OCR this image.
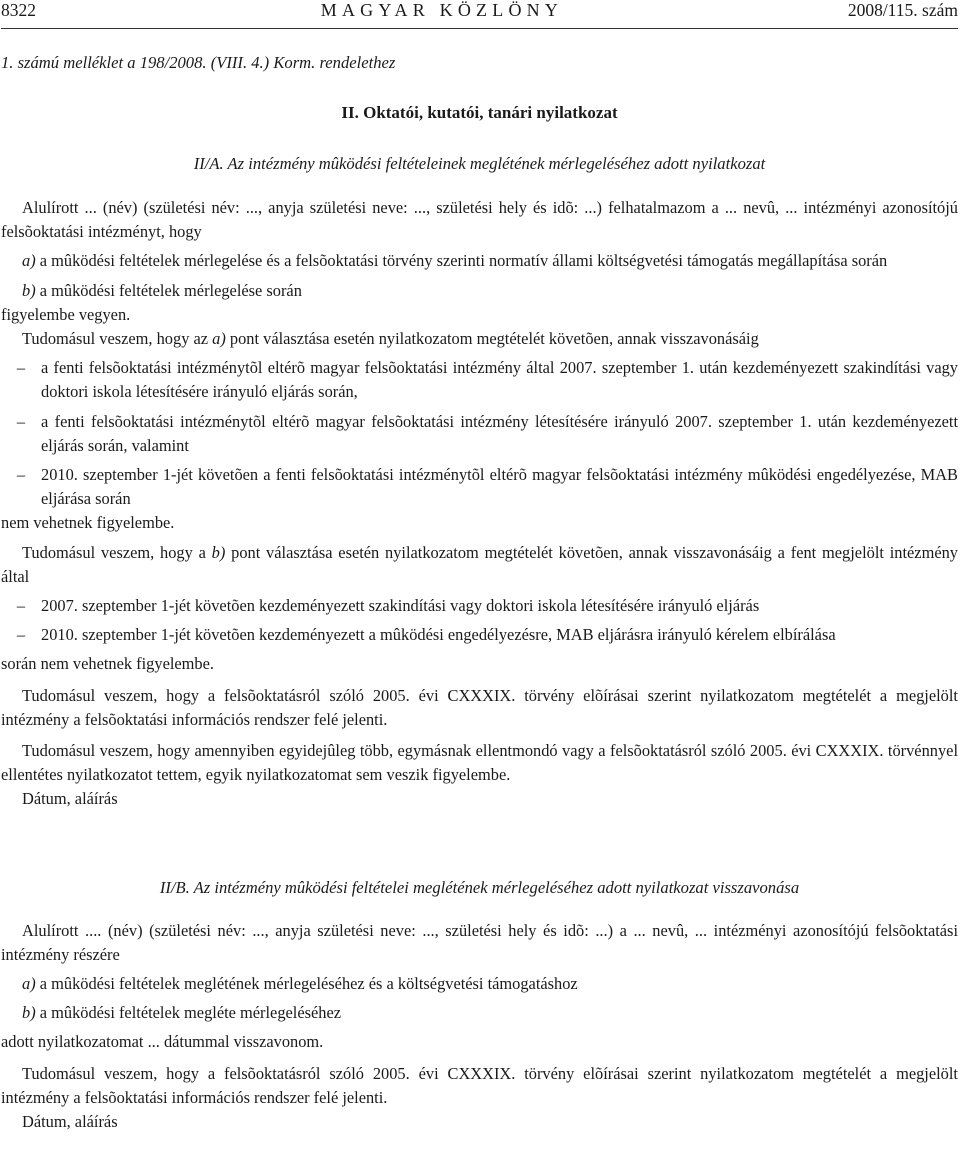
8322	MAGYAR KÖZLÖNY	2008/115. szám
1. számú melléklet a 198/2008. (VIII. 4.) Korm. rendelethez
II. Oktatói, kutatói, tanári nyilatkozat
II/A. Az intézmény mûködési feltételeinek meglétének mérlegeléséhez adott nyilatkozat

Alulírott ... (név) (születési név: ..., anyja születési neve: ..., születési hely és idõ: ...) felhatalmazom a ... nevû, ... intézményi azonosítójú felsõoktatási intézményt, hogy

a) a mûködési feltételek mérlegelése és a felsõoktatási törvény szerinti normatív állami költségvetési támogatás megállapítása során

b) a mûködési feltételek mérlegelése során

figyelembe vegyen.

Tudomásul veszem, hogy az a) pont választása esetén nyilatkozatom megtételét követõen, annak visszavonásáig

– a fenti felsõoktatási intézménytõl eltérõ magyar felsõoktatási intézmény által 2007. szeptember 1. után kezdeményezett szakindítási vagy doktori iskola létesítésére irányuló eljárás során,

– a fenti felsõoktatási intézménytõl eltérõ magyar felsõoktatási intézmény létesítésére irányuló 2007. szeptember 1. után kezdeményezett eljárás során, valamint

– 2010. szeptember 1-jét követõen a fenti felsõoktatási intézménytõl eltérõ magyar felsõoktatási intézmény mûködési engedélyezése, MAB eljárása során

nem vehetnek figyelembe.

Tudomásul veszem, hogy a b) pont választása esetén nyilatkozatom megtételét követõen, annak visszavonásáig a fent megjelölt intézmény által

– 2007. szeptember 1-jét követõen kezdeményezett szakindítási vagy doktori iskola létesítésére irányuló eljárás

– 2010. szeptember 1-jét követõen kezdeményezett a mûködési engedélyezésre, MAB eljárásra irányuló kérelem elbírálása

során nem vehetnek figyelembe.

Tudomásul veszem, hogy a felsõoktatásról szóló 2005. évi CXXXIX. törvény elõírásai szerint nyilatkozatom megtételét a megjelölt intézmény a felsõoktatási információs rendszer felé jelenti.

Tudomásul veszem, hogy amennyiben egyidejûleg több, egymásnak ellentmondó vagy a felsõoktatásról szóló 2005. évi CXXXIX. törvénnyel ellentétes nyilatkozatot tettem, egyik nyilatkozatomat sem veszik figyelembe.

Dátum, aláírás

II/B. Az intézmény mûködési feltételei meglétének mérlegeléséhez adott nyilatkozat visszavonása

Alulírott .... (név) (születési név: ..., anyja születési neve: ..., születési hely és idõ: ...) a ... nevû, ... intézményi azonosítójú felsõoktatási intézmény részére

a) a mûködési feltételek meglétének mérlegeléséhez és a költségvetési támogatáshoz

b) a mûködési feltételek megléte mérlegeléséhez

adott nyilatkozatomat ... dátummal visszavonom.

Tudomásul veszem, hogy a felsõoktatásról szóló 2005. évi CXXXIX. törvény elõírásai szerint nyilatkozatom megtételét a megjelölt intézmény a felsõoktatási információs rendszer felé jelenti.

Dátum, aláírás
